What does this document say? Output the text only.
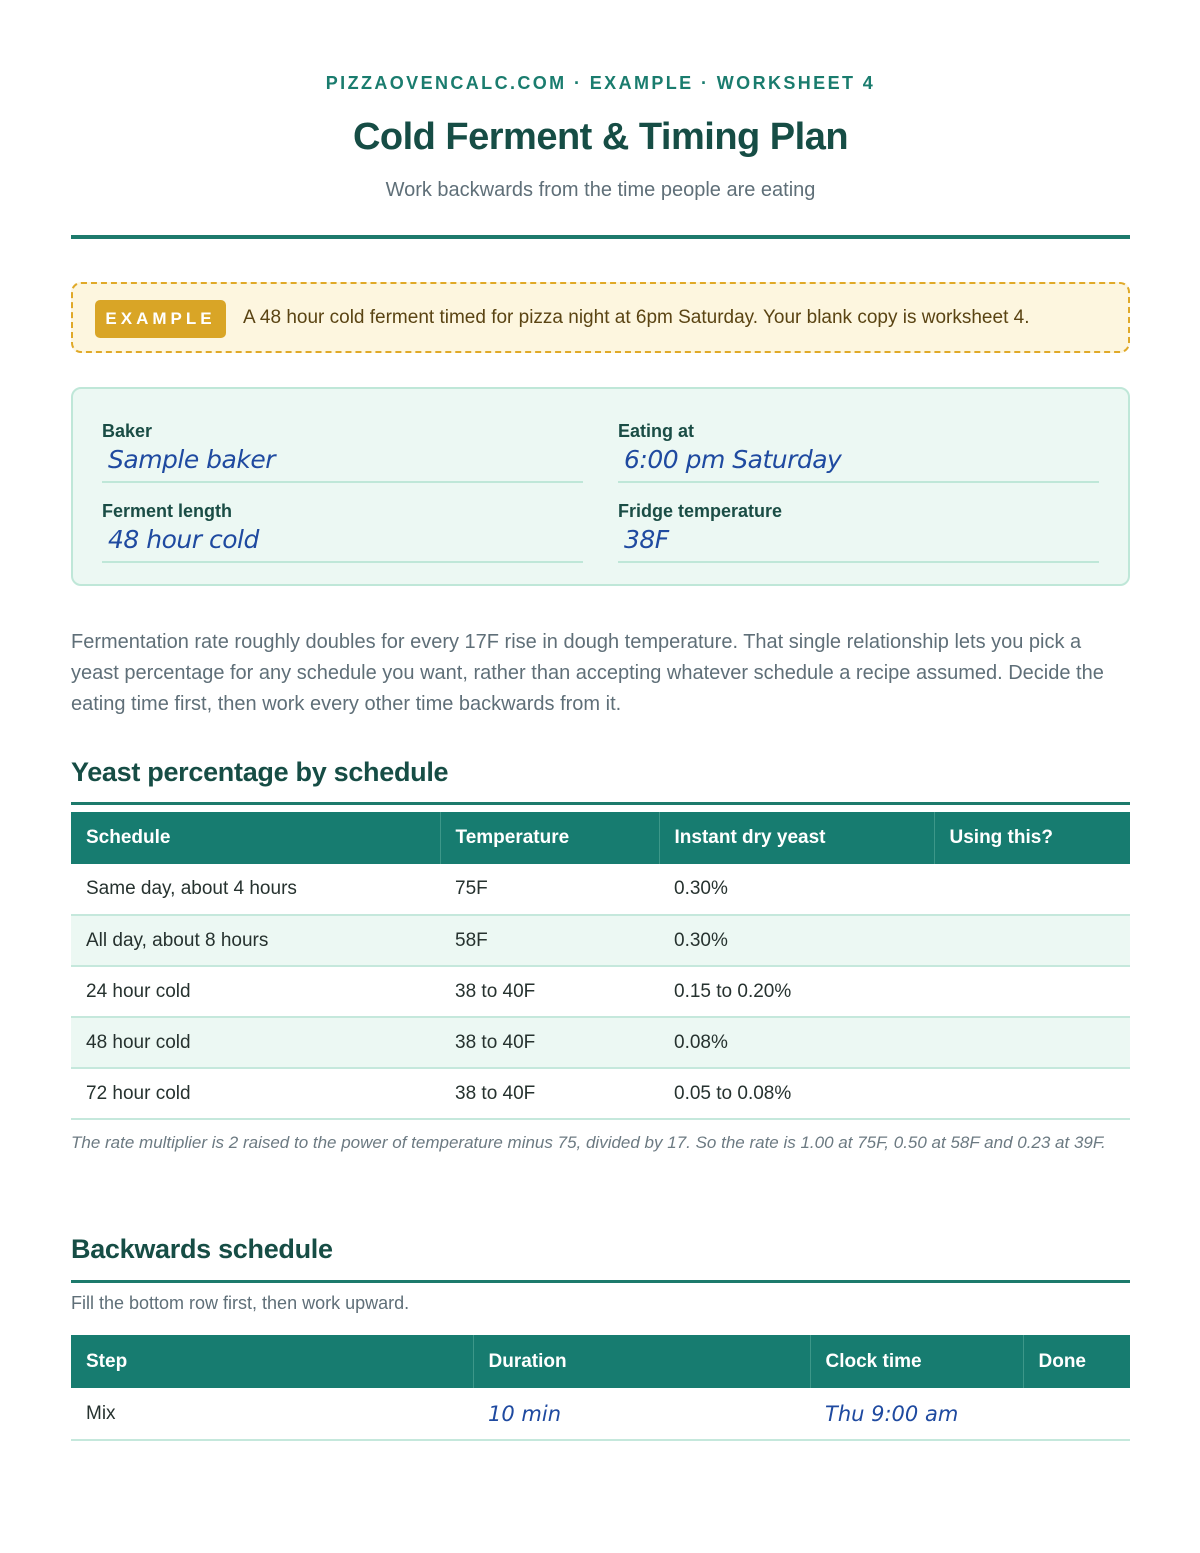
PIZZAOVENCALC.COM · EXAMPLE · WORKSHEET 4
Cold Ferment & Timing Plan
Work backwards from the time people are eating
EXAMPLE	A 48 hour cold ferment timed for pizza night at 6pm Saturday. Your blank copy is worksheet 4.
Baker
Sample baker
Eating at
6:00 pm Saturday
Ferment length
48 hour cold
Fridge temperature
38F

Fermentation rate roughly doubles for every 17F rise in dough temperature. That single relationship lets you pick a yeast percentage for any schedule you want, rather than accepting whatever schedule a recipe assumed. Decide the eating time first, then work every other time backwards from it.

Yeast percentage by schedule
Schedule	Temperature	Instant dry yeast	Using this?
Same day, about 4 hours	75F	0.30%	
All day, about 8 hours	58F	0.30%	
24 hour cold	38 to 40F	0.15 to 0.20%	
48 hour cold	38 to 40F	0.08%	
72 hour cold	38 to 40F	0.05 to 0.08%	

The rate multiplier is 2 raised to the power of temperature minus 75, divided by 17. So the rate is 1.00 at 75F, 0.50 at 58F and 0.23 at 39F.

Backwards schedule

Fill the bottom row first, then work upward.

Step	Duration	Clock time	Done
Mix	10 min	Thu 9:00 am	
